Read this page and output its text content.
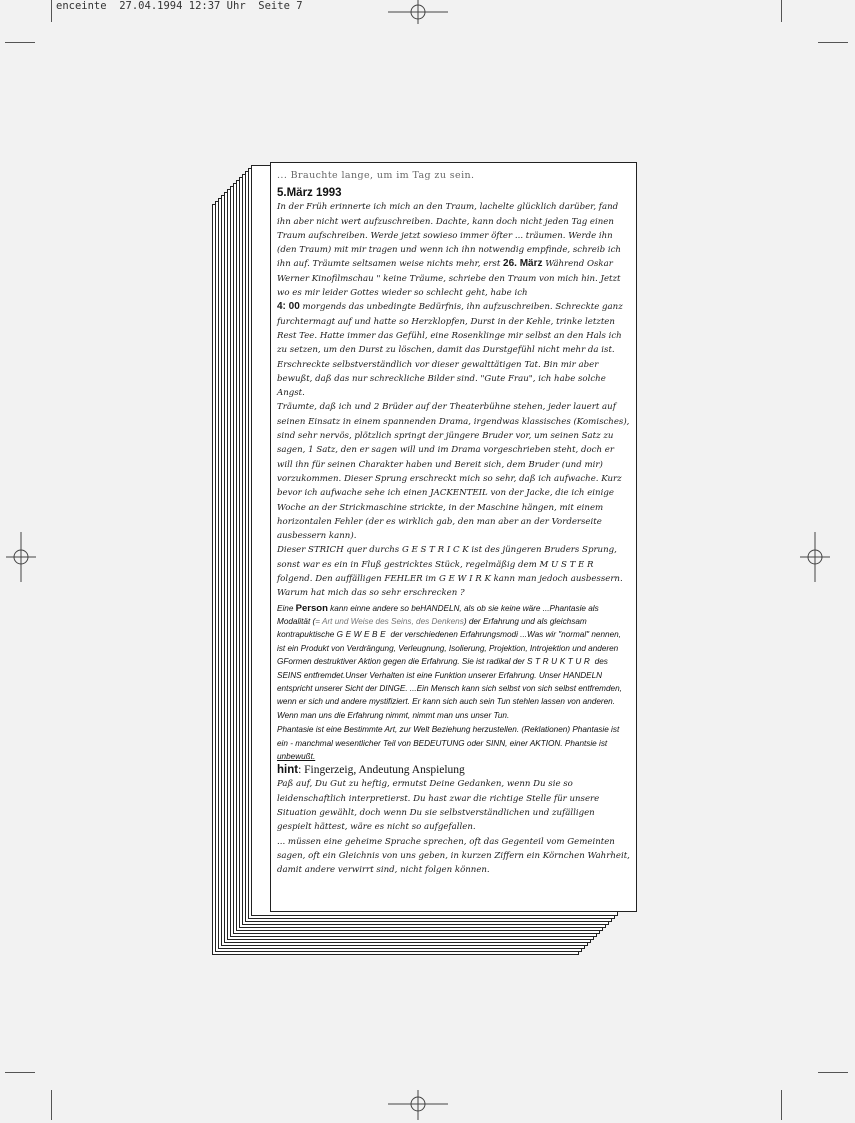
enceinte  27.04.1994 12:37 Uhr  Seite 7

... Brauchte lange, um im Tag zu sein.

5.März 1993

In der Früh erinnerte ich mich an den Traum, lachelte glücklich darüber, fand ihn aber nicht wert aufzuschreiben. Dachte, kann doch nicht jeden Tag einen Traum aufschreiben. Werde jetzt sowieso immer öfter ... träumen. Werde ihn (den Traum) mit mir tragen und wenn ich ihn notwendig empfinde, schreib ich ihn auf. Träumte seltsamen weise nichts mehr, erst 26. März Während Oskar Werner Kinofilmschau " keine Träume, schriebe den Traum von mich hin. Jetzt wo es mir leider Gottes wieder so schlecht geht, habe ich

4: 00 morgends das unbedingte Bedürfnis, ihn aufzuschreiben. Schreckte ganz furchtermagt auf und hatte so Herzklopfen, Durst in der Kehle, trinke letzten Rest Tee. Hatte immer das Gefühl, eine Rosenklinge mir selbst an den Hals ich zu setzen, um den Durst zu löschen, damit das Durstgefühl nicht mehr da ist. Erschreckte selbstverständlich vor dieser gewalttätigen Tat. Bin mir aber bewußt, daß das nur schreckliche Bilder sind. "Gute Frau", ich habe solche Angst.

Träumte, daß ich und 2 Brüder auf der Theaterbühne stehen, jeder lauert auf seinen Einsatz in einem spannenden Drama, irgendwas klassisches (Komisches), sind sehr nervös, plötzlich springt der jüngere Bruder vor, um seinen Satz zu sagen, 1 Satz, den er sagen will und im Drama vorgeschrieben steht, doch er will ihn für seinen Charakter haben und Bereit sich, dem Bruder (und mir) vorzukommen. Dieser Sprung erschreckt mich so sehr, daß ich aufwache. Kurz bevor ich aufwache sehe ich einen JACKENTEIL von der Jacke, die ich einige Woche an der Strickmaschine strickte, in der Maschine hängen, mit einem horizontalen Fehler (der es wirklich gab, den man aber an der Vorderseite ausbessern kann).

Dieser STRICH quer durchs G E S T R I C K ist des jüngeren Bruders Sprung, sonst war es ein in Fluß gestricktes Stück, regelmäßig dem M U S T E R folgend. Den auffälligen FEHLER im G E W I R K kann man jedoch ausbessern. Warum hat mich das so sehr erschrecken ?

Eine Person kann einne andere so beHANDELN, als ob sie keine wäre ...Phantasie als Modalität (= Art und Weise des Seins, des Denkens) der Erfahrung und als gleichsam kontrapuktische GEWEBE der verschiedenen Erfahrungsmodi ...Was wir "normal" nennen, ist ein Produkt von Verdrängung, Verleugnung, Isolierung, Projektion, Introjektion und anderen GFormen destruktiver Aktion gegen die Erfahrung. Sie ist radikal der STRUKTUR des SEINS entfremdet.Unser Verhalten ist eine Funktion unserer Erfahrung. Unser HANDELN entspricht unserer Sicht der DINGE. ...Ein Mensch kann sich selbst von sich selbst entfremden, wenn er sich und andere mystifiziert. Er kann sich auch sein Tun stehlen lassen von anderen. Wenn man uns die Erfahrung nimmt, nimmt man uns unser Tun.

Phantasie ist eine Bestimmte Art, zur Welt Beziehung herzustellen. (Reklationen) Phantasie ist ein - manchmal wesentlicher Teil von BEDEUTUNG oder SINN, einer AKTION. Phantsie ist unbewußt.

hint: Fingerzeig, Andeutung Anspielung

Paß auf, Du Gut zu heftig, ermutst Deine Gedanken, wenn Du sie so leidenschaftlich interpretierst. Du hast zwar die richtige Stelle für unsere Situation gewählt, doch wenn Du sie selbstverständlichen und zufälligen gespielt hättest, wäre es nicht so aufgefallen.

... müssen eine geheime Sprache sprechen, oft das Gegenteil vom Gemeinten sagen, oft ein Gleichnis von uns geben, in kurzen Ziffern ein Körnchen Wahrheit, damit andere verwirrt sind, nicht folgen können.
